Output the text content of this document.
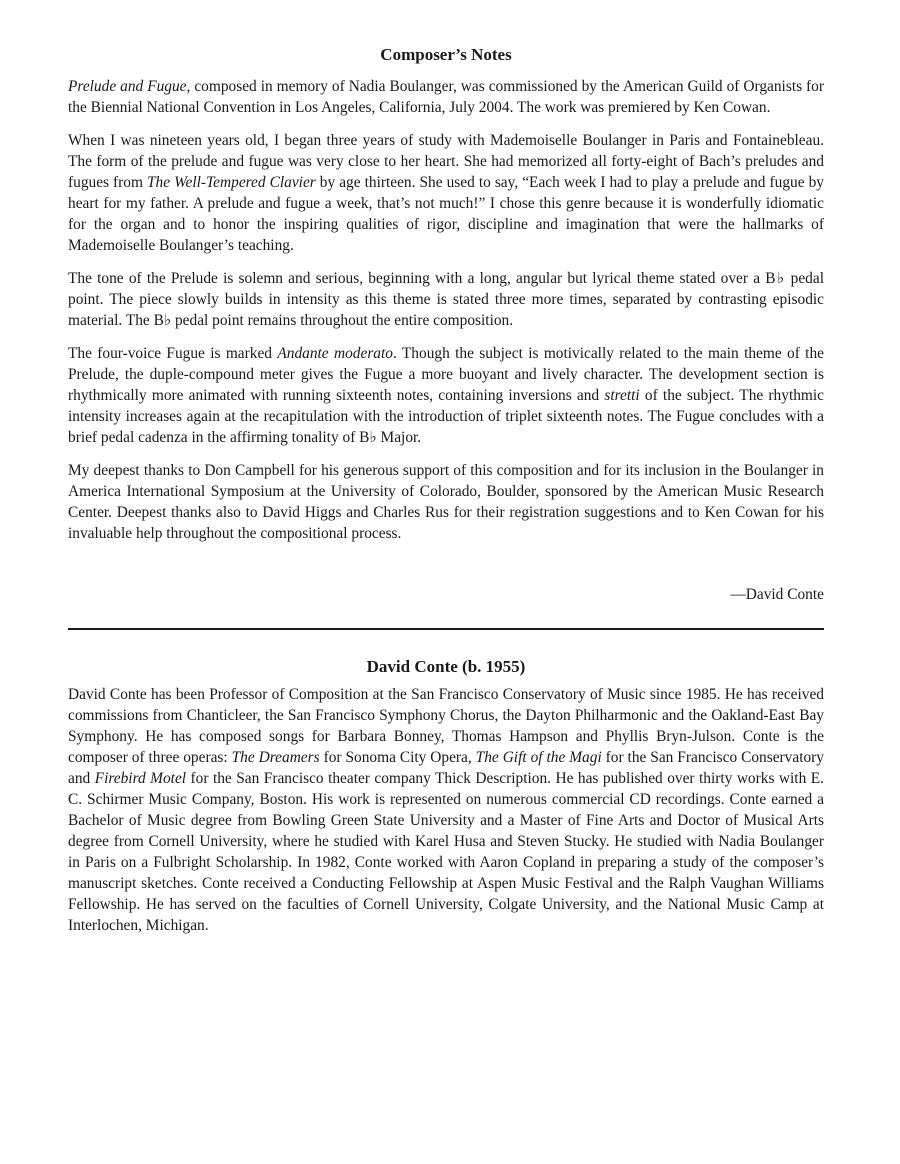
Composer’s Notes

Prelude and Fugue, composed in memory of Nadia Boulanger, was commissioned by the American Guild of Organists for the Biennial National Convention in Los Angeles, California, July 2004. The work was premiered by Ken Cowan.

When I was nineteen years old, I began three years of study with Mademoiselle Boulanger in Paris and Fontainebleau. The form of the prelude and fugue was very close to her heart. She had memorized all forty-eight of Bach’s preludes and fugues from The Well-Tempered Clavier by age thirteen. She used to say, “Each week I had to play a prelude and fugue by heart for my father. A prelude and fugue a week, that’s not much!” I chose this genre because it is wonderfully idiomatic for the organ and to honor the inspiring qualities of rigor, discipline and imagination that were the hallmarks of Mademoiselle Boulanger’s teaching.

The tone of the Prelude is solemn and serious, beginning with a long, angular but lyrical theme stated over a B♭ pedal point. The piece slowly builds in intensity as this theme is stated three more times, separated by contrasting episodic material. The B♭ pedal point remains throughout the entire composition.

The four-voice Fugue is marked Andante moderato. Though the subject is motivically related to the main theme of the Prelude, the duple-compound meter gives the Fugue a more buoyant and lively character. The development section is rhythmically more animated with running sixteenth notes, containing inversions and stretti of the subject. The rhythmic intensity increases again at the recapitulation with the introduction of triplet sixteenth notes. The Fugue concludes with a brief pedal cadenza in the affirming tonality of B♭ Major.

My deepest thanks to Don Campbell for his generous support of this composition and for its inclusion in the Boulanger in America International Symposium at the University of Colorado, Boulder, sponsored by the American Music Research Center. Deepest thanks also to David Higgs and Charles Rus for their registration suggestions and to Ken Cowan for his invaluable help throughout the compositional process.

—David Conte
David Conte (b. 1955)

David Conte has been Professor of Composition at the San Francisco Conservatory of Music since 1985. He has received commissions from Chanticleer, the San Francisco Symphony Chorus, the Dayton Philharmonic and the Oakland-East Bay Symphony. He has composed songs for Barbara Bonney, Thomas Hampson and Phyllis Bryn-Julson. Conte is the composer of three operas: The Dreamers for Sonoma City Opera, The Gift of the Magi for the San Francisco Conservatory and Firebird Motel for the San Francisco theater company Thick Description. He has published over thirty works with E. C. Schirmer Music Company, Boston. His work is represented on numerous commercial CD recordings. Conte earned a Bachelor of Music degree from Bowling Green State University and a Master of Fine Arts and Doctor of Musical Arts degree from Cornell University, where he studied with Karel Husa and Steven Stucky. He studied with Nadia Boulanger in Paris on a Fulbright Scholarship. In 1982, Conte worked with Aaron Copland in preparing a study of the composer’s manuscript sketches. Conte received a Conducting Fellowship at Aspen Music Festival and the Ralph Vaughan Williams Fellowship. He has served on the faculties of Cornell University, Colgate University, and the National Music Camp at Interlochen, Michigan.
